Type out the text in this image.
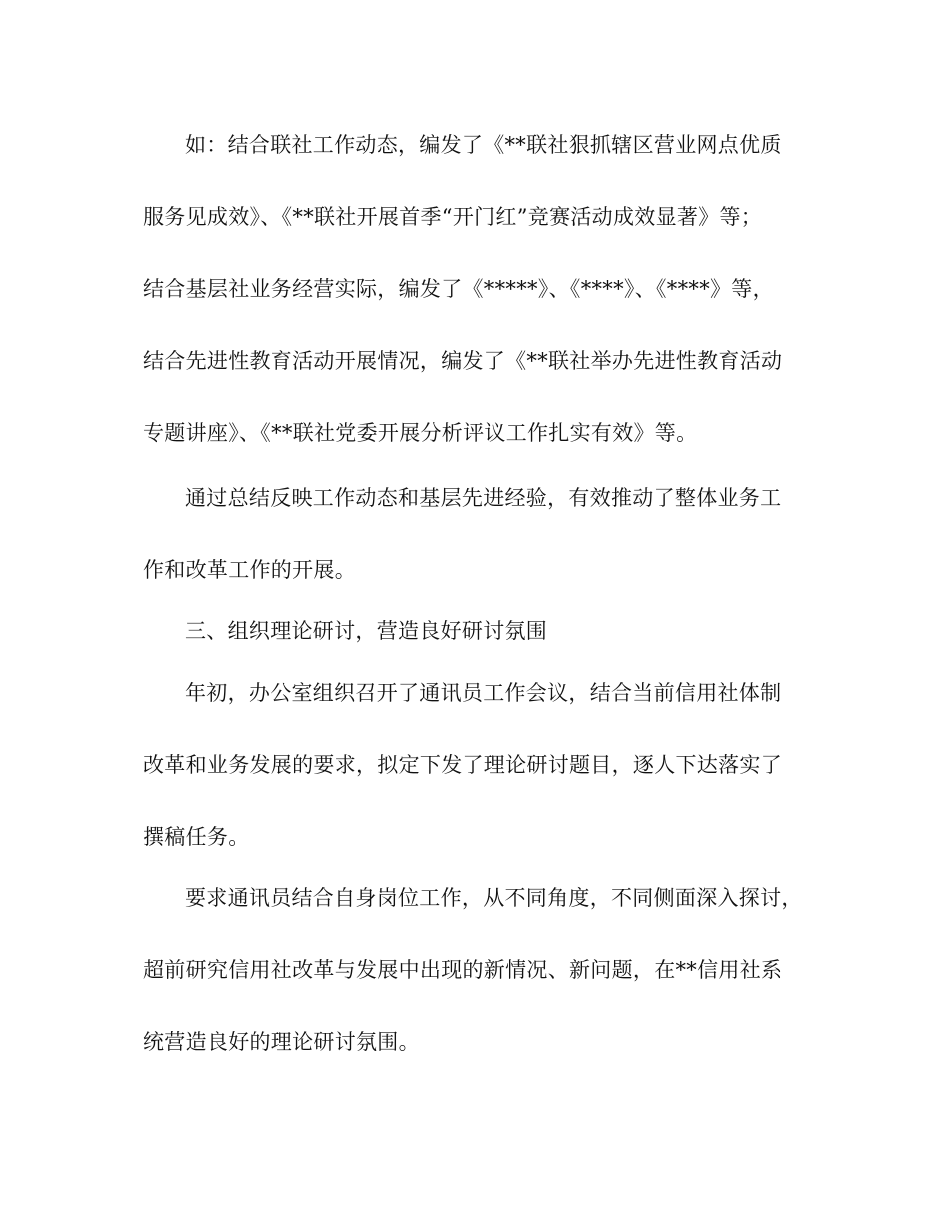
如：结合联社工作动态，编发了《**联社狠抓辖区营业网点优质
服务见成效》、《**联社开展首季“开门红”竞赛活动成效显著》等；
结合基层社业务经营实际，编发了《*****》、《****》、《****》等，
结合先进性教育活动开展情况，编发了《**联社举办先进性教育活动
专题讲座》、《**联社党委开展分析评议工作扎实有效》等。
通过总结反映工作动态和基层先进经验，有效推动了整体业务工
作和改革工作的开展。
三、组织理论研讨，营造良好研讨氛围
年初，办公室组织召开了通讯员工作会议，结合当前信用社体制
改革和业务发展的要求，拟定下发了理论研讨题目，逐人下达落实了
撰稿任务。
要求通讯员结合自身岗位工作，从不同角度，不同侧面深入探讨，
超前研究信用社改革与发展中出现的新情况、新问题，在**信用社系
统营造良好的理论研讨氛围。
